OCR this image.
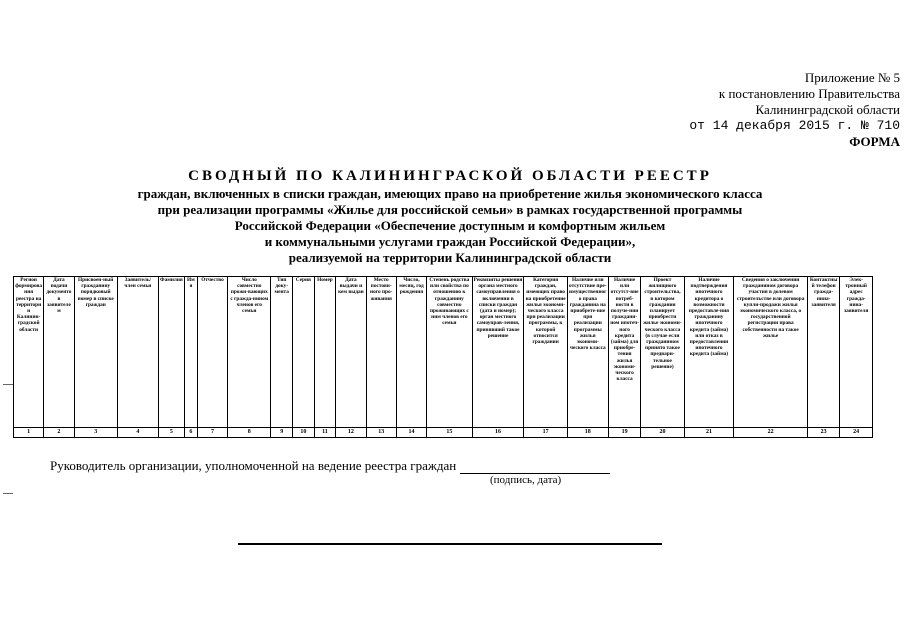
Приложение № 5
к постановлению Правительства
Калининградской области
от 14 декабря 2015 г. № 710
ФОРМА
СВОДНЫЙ ПО КАЛИНИНГРАСКОЙ ОБЛАСТИ РЕЕСТР
граждан, включенных в списки граждан, имеющих право на приобретение жилья экономического класса
при реализации программы «Жилье для российской семьи» в рамках государственной программы
Российской Федерации «Обеспечение доступным и комфортным жильем
и коммунальными услугами граждан Российской Федерации»,
реализуемой на территории Калининградской области
Регион формирования реестра на территории Калинин-градской области	Дата подачи документов заявителем	Присвоен-ный гражданину порядковый номер в списке граждан	Заявитель/ член семьи	Фамилия	Имя	Отчество	Число совместно прожи-вающих с гражда-нином членов его семьи	Тип доку-мента	Серия	Номер	Дата выдачи и кем выдан	Место постоян-ного про-живания	Число, месяц, год рождения	Степень родства или свойства по отношению к гражданину совместно проживающих с ним членов его семьи	Реквизиты решения органа местного самоуправления о включении в списки граждан (дата и номер); орган местного самоуправ-ления, принявший такое решение	Категория граждан, имеющих право на приобретение жилья экономи-ческого класса при реализации программы, к которой относится гражданин	Наличие или отсутствие пре-имущественного права гражданина на приобрете-ние при реализации программы жилья экономи-ческого класса	Наличие или отсутст-вие потреб-ности в получе-нии граждани-ном ипотеч-ного кредита (займа) для приобре-тения жилья экономи-ческого класса	Проект жилищного строительства, в котором гражданин планирует приобрести жилье экономи-ческого класса (в случае если гражданином принято такое предвари-тельное решение)	Наличие подтверждения ипотечного кредитора о возможности предоставле-ния гражданину ипотечного кредита (займа) или отказ в предоставлении ипотечного кредита (займа)	Сведения о заключении гражданином договора участия в долевом строительстве или договора купли-продажи жилья экономического класса, о государственной регистрации права собственности на такое жилье	Контактный телефон гражда-нина-заявителя	Элек-тронный адрес гражда-нина-заявителя
1	2	3	4	5	6	7	8	9	10	11	12	13	14	15	16	17	18	19	20	21	22	23	24
Руководитель организации, уполномоченной на ведение реестра граждан
(подпись, дата)
